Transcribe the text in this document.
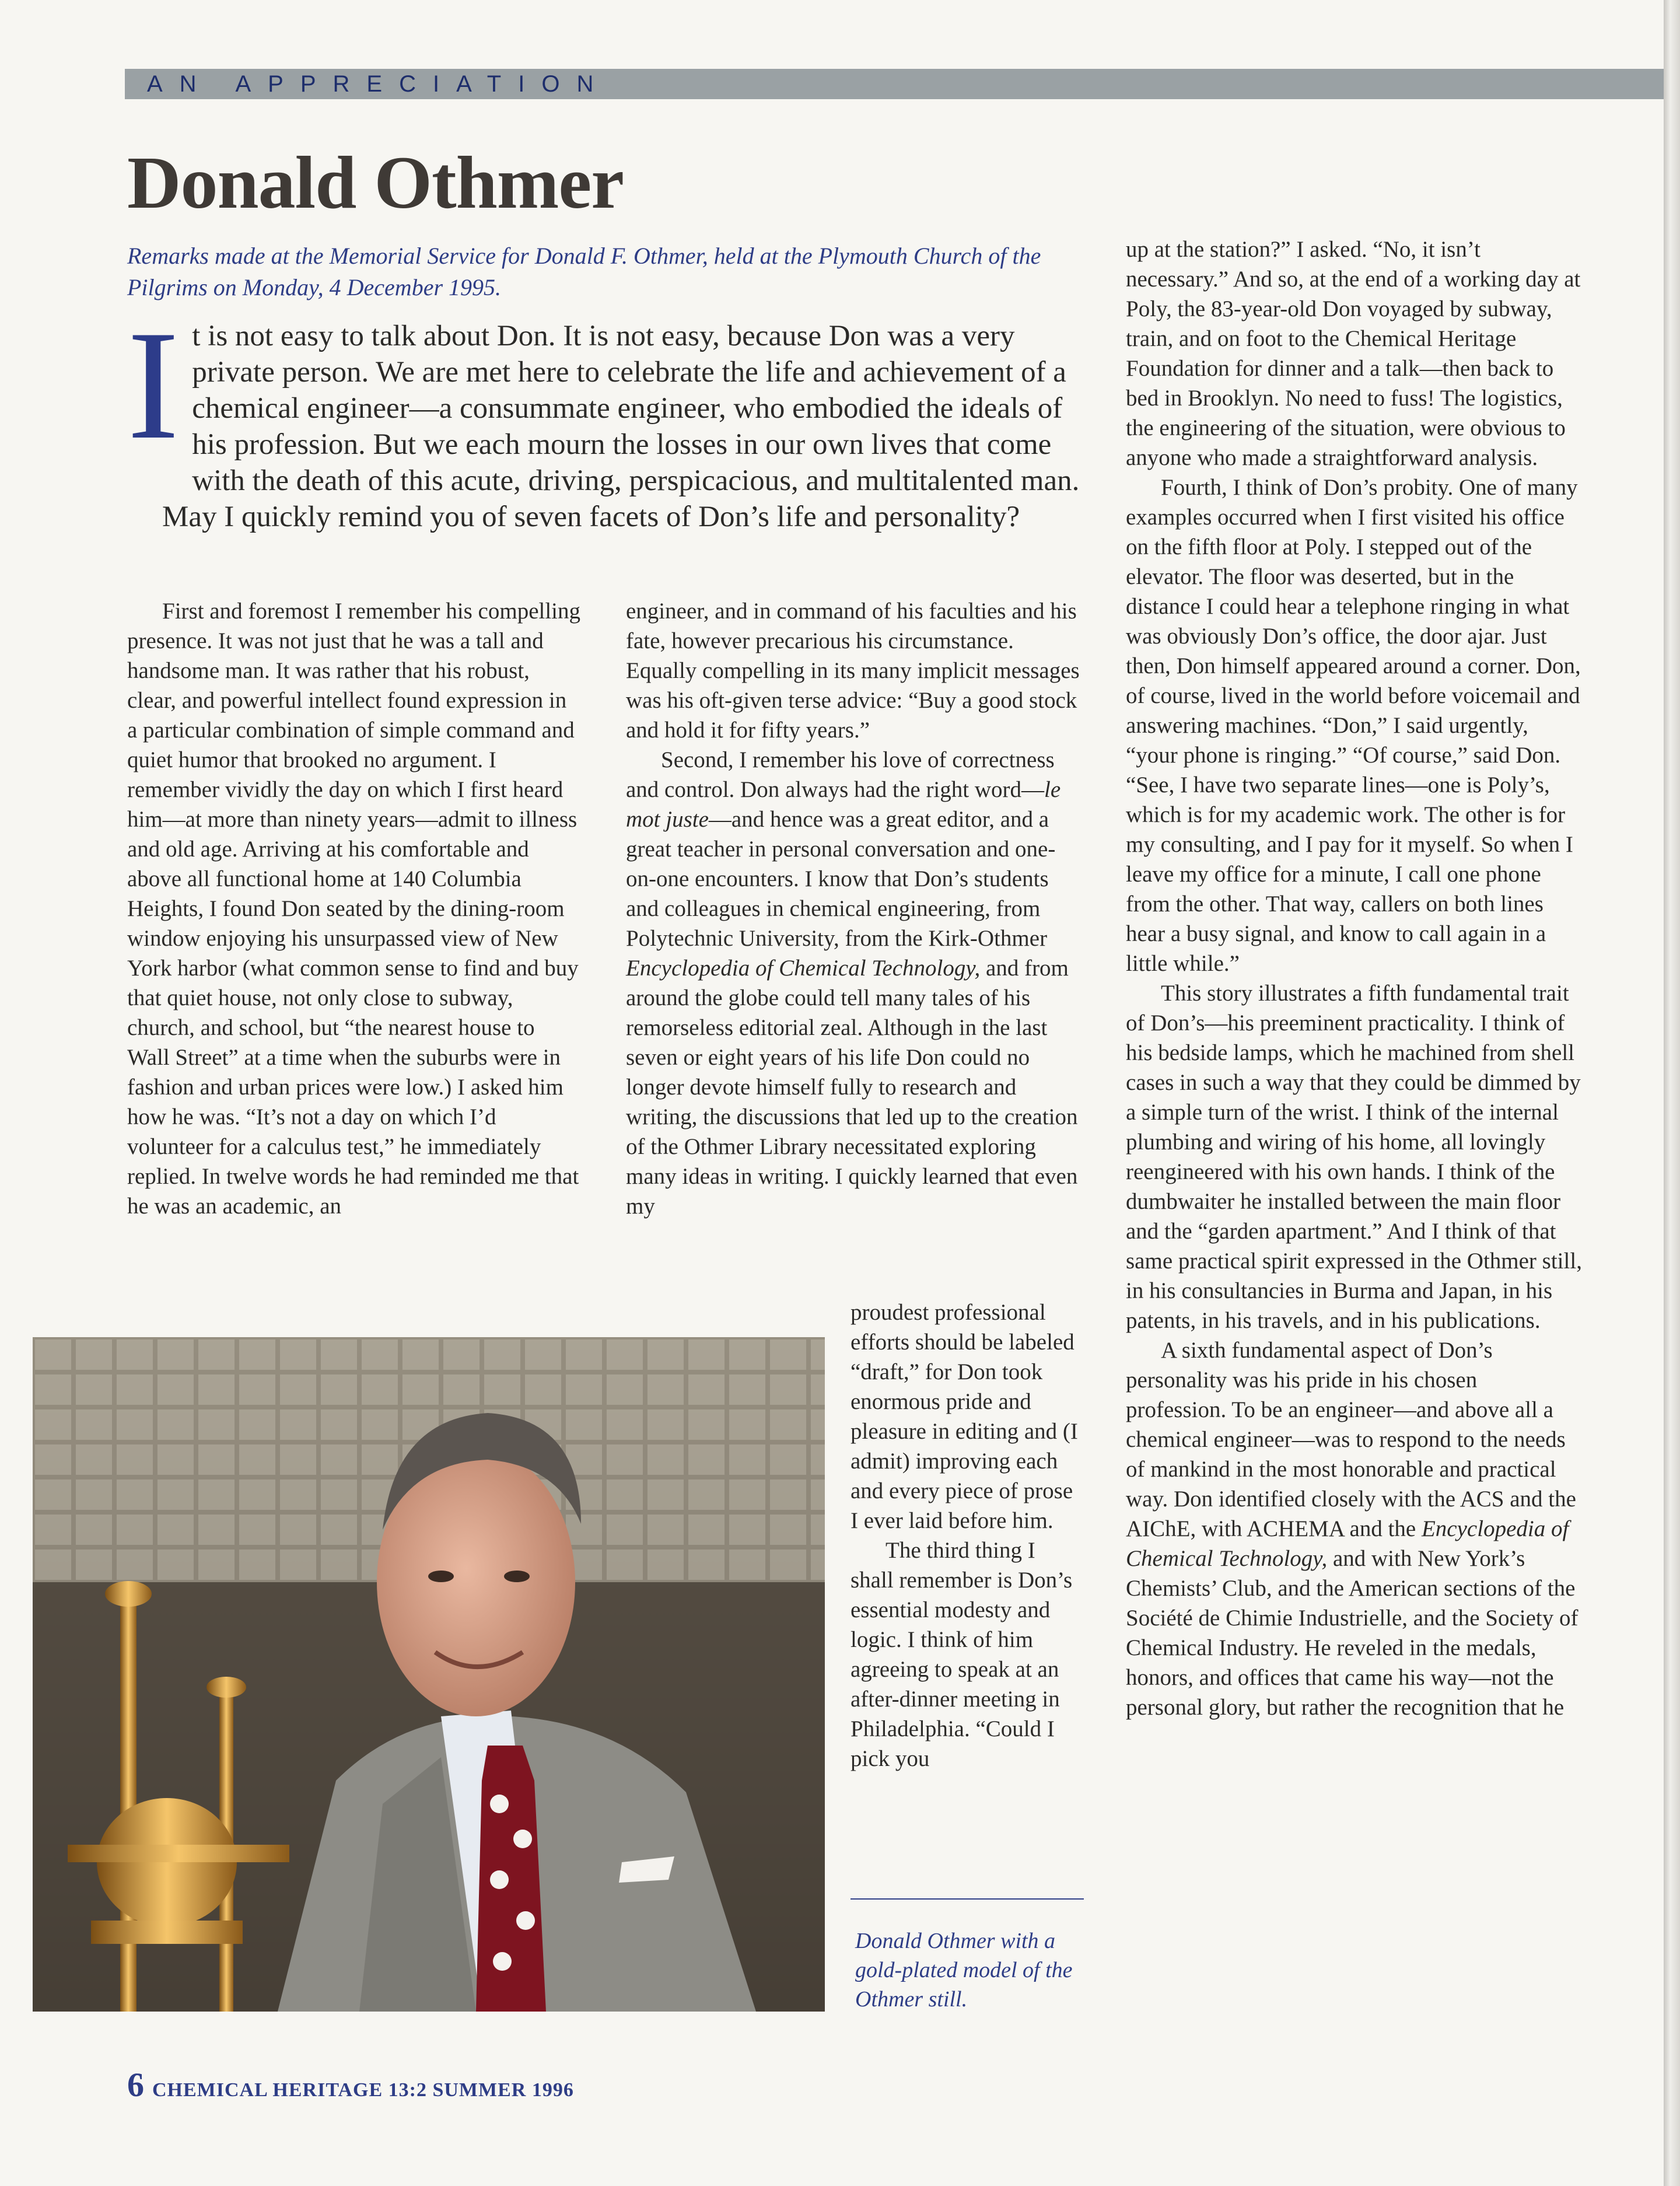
AN APPRECIATION
Donald Othmer
Remarks made at the Memorial Service for Donald F. Othmer, held at the Plymouth Church of the Pilgrims on Monday, 4 December 1995.
I t is not easy to talk about Don. It is not easy, because Don was a very private person. We are met here to celebrate the life and achievement of a chemical engineer—a consummate engineer, who embodied the ideals of his profession. But we each mourn the losses in our own lives that come with the death of this acute, driving, perspicacious, and multitalented man.

May I quickly remind you of seven facets of Don’s life and personality?

First and foremost I remember his compelling presence. It was not just that he was a tall and handsome man. It was rather that his robust, clear, and powerful intellect found expression in a particular combination of simple command and quiet humor that brooked no argument. I remember vividly the day on which I first heard him—at more than ninety years—admit to illness and old age. Arriving at his comfortable and above all functional home at 140 Columbia Heights, I found Don seated by the dining-room window enjoying his unsurpassed view of New York harbor (what common sense to find and buy that quiet house, not only close to subway, church, and school, but “the nearest house to Wall Street” at a time when the suburbs were in fashion and urban prices were low.) I asked him how he was. “It’s not a day on which I’d volunteer for a calculus test,” he immediately replied. In twelve words he had reminded me that he was an academic, an

engineer, and in command of his faculties and his fate, however precarious his circumstance. Equally compelling in its many implicit messages was his oft-given terse advice: “Buy a good stock and hold it for fifty years.”

Second, I remember his love of correctness and control. Don always had the right word—le mot juste—and hence was a great editor, and a great teacher in personal conversation and one-on-one encounters. I know that Don’s students and colleagues in chemical engineering, from Polytechnic University, from the Kirk-Othmer Encyclopedia of Chemical Technology, and from around the globe could tell many tales of his remorseless editorial zeal. Although in the last seven or eight years of his life Don could no longer devote himself fully to research and writing, the discussions that led up to the creation of the Othmer Library necessitated exploring many ideas in writing. I quickly learned that even my

proudest professional efforts should be labeled “draft,” for Don took enormous pride and pleasure in editing and (I admit) improving each and every piece of prose I ever laid before him.

The third thing I shall remember is Don’s essential modesty and logic. I think of him agreeing to speak at an after-dinner meeting in Philadelphia. “Could I pick you

up at the station?” I asked. “No, it isn’t necessary.” And so, at the end of a working day at Poly, the 83-year-old Don voyaged by subway, train, and on foot to the Chemical Heritage Foundation for dinner and a talk—then back to bed in Brooklyn. No need to fuss! The logistics, the engineering of the situation, were obvious to anyone who made a straightforward analysis.

Fourth, I think of Don’s probity. One of many examples occurred when I first visited his office on the fifth floor at Poly. I stepped out of the elevator. The floor was deserted, but in the distance I could hear a telephone ringing in what was obviously Don’s office, the door ajar. Just then, Don himself appeared around a corner. Don, of course, lived in the world before voicemail and answering machines. “Don,” I said urgently, “your phone is ringing.” “Of course,” said Don. “See, I have two separate lines—one is Poly’s, which is for my academic work. The other is for my consulting, and I pay for it myself. So when I leave my office for a minute, I call one phone from the other. That way, callers on both lines hear a busy signal, and know to call again in a little while.”

This story illustrates a fifth fundamental trait of Don’s—his preeminent practicality. I think of his bedside lamps, which he machined from shell cases in such a way that they could be dimmed by a simple turn of the wrist. I think of the internal plumbing and wiring of his home, all lovingly reengineered with his own hands. I think of the dumbwaiter he installed between the main floor and the “garden apartment.” And I think of that same practical spirit expressed in the Othmer still, in his consultancies in Burma and Japan, in his patents, in his travels, and in his publications.

A sixth fundamental aspect of Don’s personality was his pride in his chosen profession. To be an engineer—and above all a chemical engineer—was to respond to the needs of mankind in the most honorable and practical way. Don identified closely with the ACS and the AIChE, with ACHEMA and the Encyclopedia of Chemical Technology, and with New York’s Chemists’ Club, and the American sections of the Société de Chimie Industrielle, and the Society of Chemical Industry. He reveled in the medals, honors, and offices that came his way—not the personal glory, but rather the recognition that he

Donald Othmer with a gold-plated model of the Othmer still.
6 CHEMICAL HERITAGE 13:2 SUMMER 1996
